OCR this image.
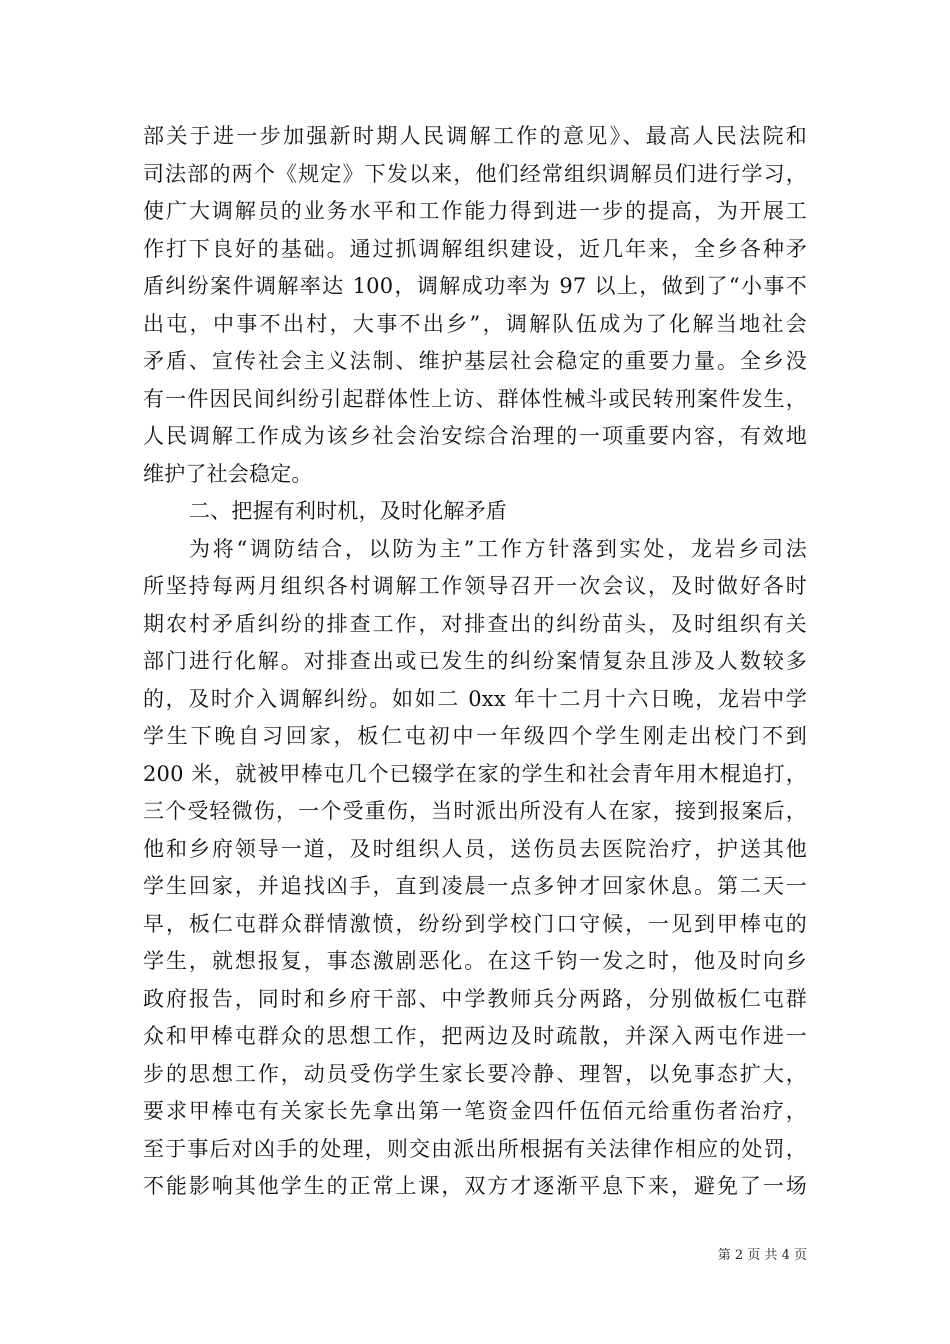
部关于进一步加强新时期人民调解工作的意见》、最高人民法院和
司法部的两个《规定》下发以来，他们经常组织调解员们进行学习，
使广大调解员的业务水平和工作能力得到进一步的提高，为开展工
作打下良好的基础。通过抓调解组织建设，近几年来，全乡各种矛
盾纠纷案件调解率达 100，调解成功率为 97 以上，做到了“小事不
出屯，中事不出村，大事不出乡”，调解队伍成为了化解当地社会
矛盾、宣传社会主义法制、维护基层社会稳定的重要力量。全乡没
有一件因民间纠纷引起群体性上访、群体性械斗或民转刑案件发生，
人民调解工作成为该乡社会治安综合治理的一项重要内容，有效地
维护了社会稳定。
二、把握有利时机，及时化解矛盾
为将“调防结合，以防为主”工作方针落到实处，龙岩乡司法
所坚持每两月组织各村调解工作领导召开一次会议，及时做好各时
期农村矛盾纠纷的排查工作，对排查出的纠纷苗头，及时组织有关
部门进行化解。对排查出或已发生的纠纷案情复杂且涉及人数较多
的，及时介入调解纠纷。如如二 0xx 年十二月十六日晚，龙岩中学
学生下晚自习回家，板仁屯初中一年级四个学生刚走出校门不到
200 米，就被甲棒屯几个已辍学在家的学生和社会青年用木棍追打，
三个受轻微伤，一个受重伤，当时派出所没有人在家，接到报案后，
他和乡府领导一道，及时组织人员，送伤员去医院治疗，护送其他
学生回家，并追找凶手，直到凌晨一点多钟才回家休息。第二天一
早，板仁屯群众群情激愤，纷纷到学校门口守候，一见到甲棒屯的
学生，就想报复，事态激剧恶化。在这千钧一发之时，他及时向乡
政府报告，同时和乡府干部、中学教师兵分两路，分别做板仁屯群
众和甲棒屯群众的思想工作，把两边及时疏散，并深入两屯作进一
步的思想工作，动员受伤学生家长要冷静、理智，以免事态扩大，
要求甲棒屯有关家长先拿出第一笔资金四仟伍佰元给重伤者治疗，
至于事后对凶手的处理，则交由派出所根据有关法律作相应的处罚，
不能影响其他学生的正常上课，双方才逐渐平息下来，避免了一场
第 2 页 共 4 页
